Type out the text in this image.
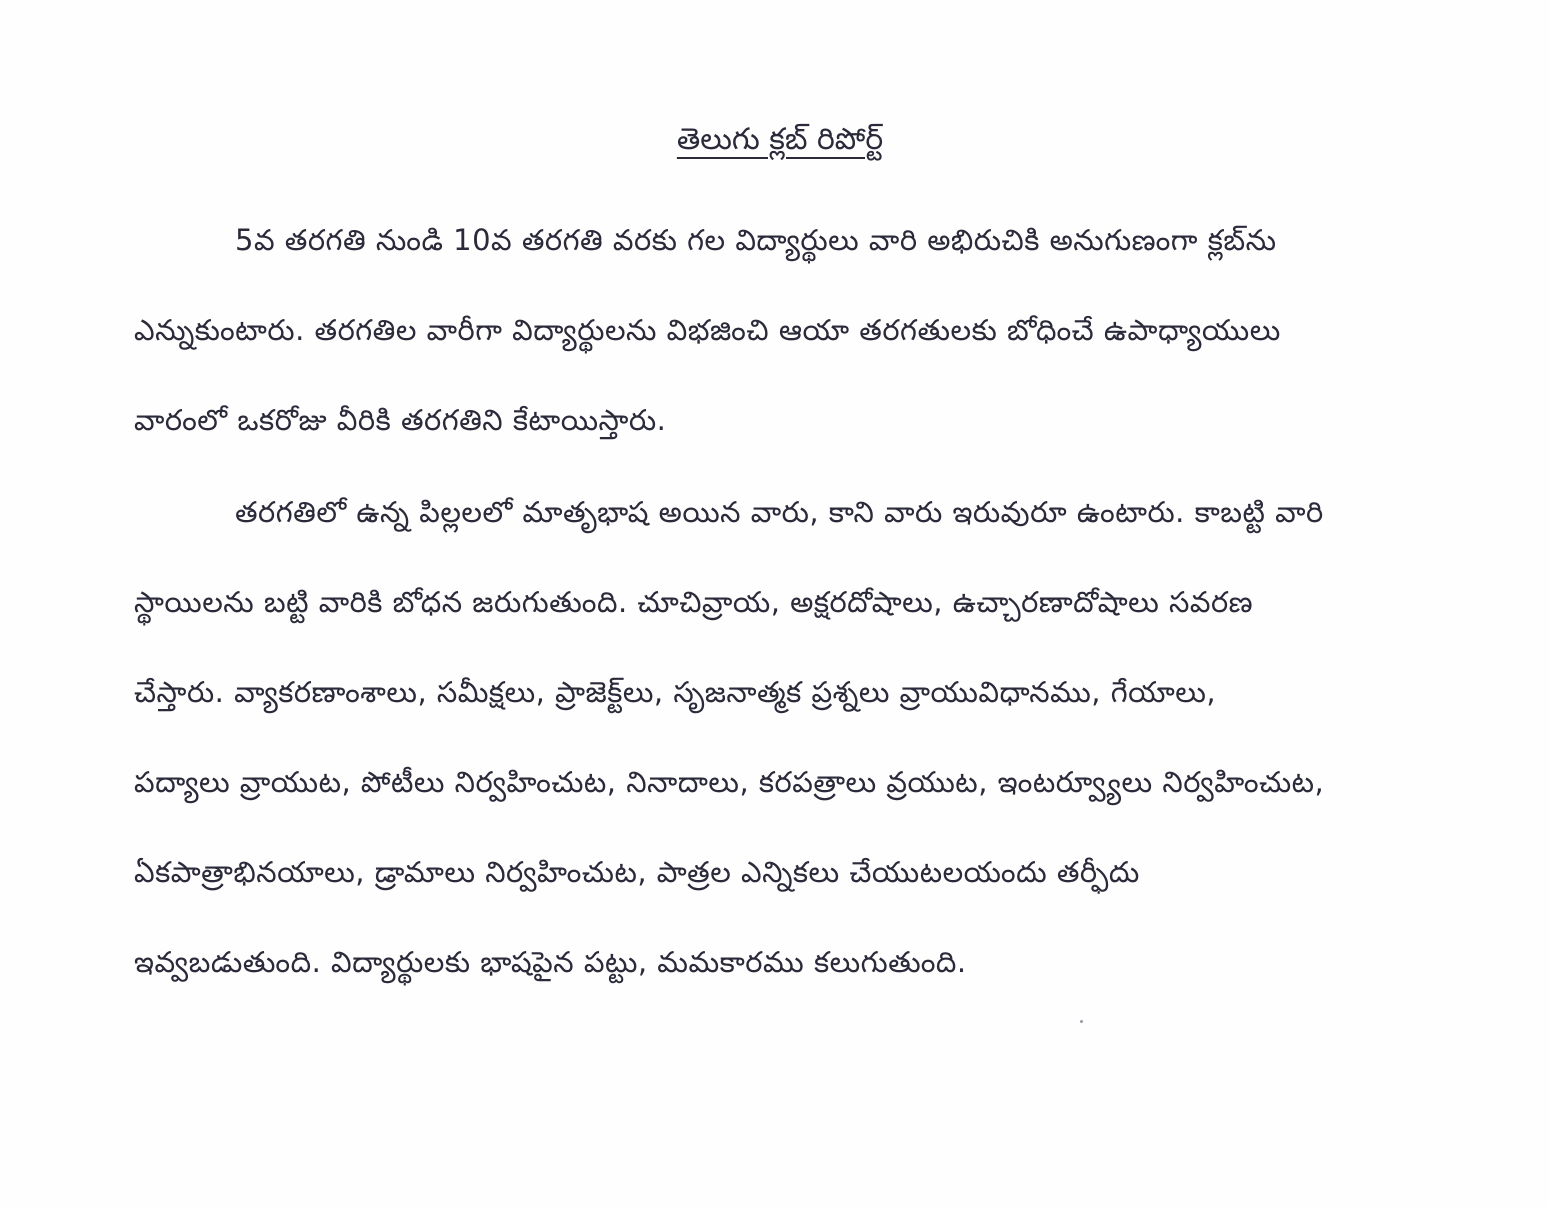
తెలుగు క్లబ్ రిపోర్ట్
5వ తరగతి నుండి 10వ తరగతి వరకు గల విద్యార్థులు వారి అభిరుచికి అనుగుణంగా క్లబ్‌ను
ఎన్నుకుంటారు. తరగతిల వారీగా విద్యార్థులను విభజించి ఆయా తరగతులకు బోధించే ఉపాధ్యాయులు
వారంలో ఒకరోజు వీరికి తరగతిని కేటాయిస్తారు.
తరగతిలో ఉన్న పిల్లలలో మాతృభాష అయిన వారు, కాని వారు ఇరువురూ ఉంటారు. కాబట్టి వారి
స్థాయిలను బట్టి వారికి బోధన జరుగుతుంది. చూచివ్రాయ, అక్షరదోషాలు, ఉచ్చారణాదోషాలు సవరణ
చేస్తారు. వ్యాకరణాంశాలు, సమీక్షలు, ప్రాజెక్ట్‌లు, సృజనాత్మక ప్రశ్నలు వ్రాయువిధానము, గేయాలు,
పద్యాలు వ్రాయుట, పోటీలు నిర్వహించుట, నినాదాలు, కరపత్రాలు వ్రయుట, ఇంటర్వ్యూలు నిర్వహించుట,
ఏకపాత్రాభినయాలు, డ్రామాలు నిర్వహించుట, పాత్రల ఎన్నికలు చేయుటలయందు తర్ఫీదు
ఇవ్వబడుతుంది. విద్యార్థులకు భాషపైన పట్టు, మమకారము కలుగుతుంది.
